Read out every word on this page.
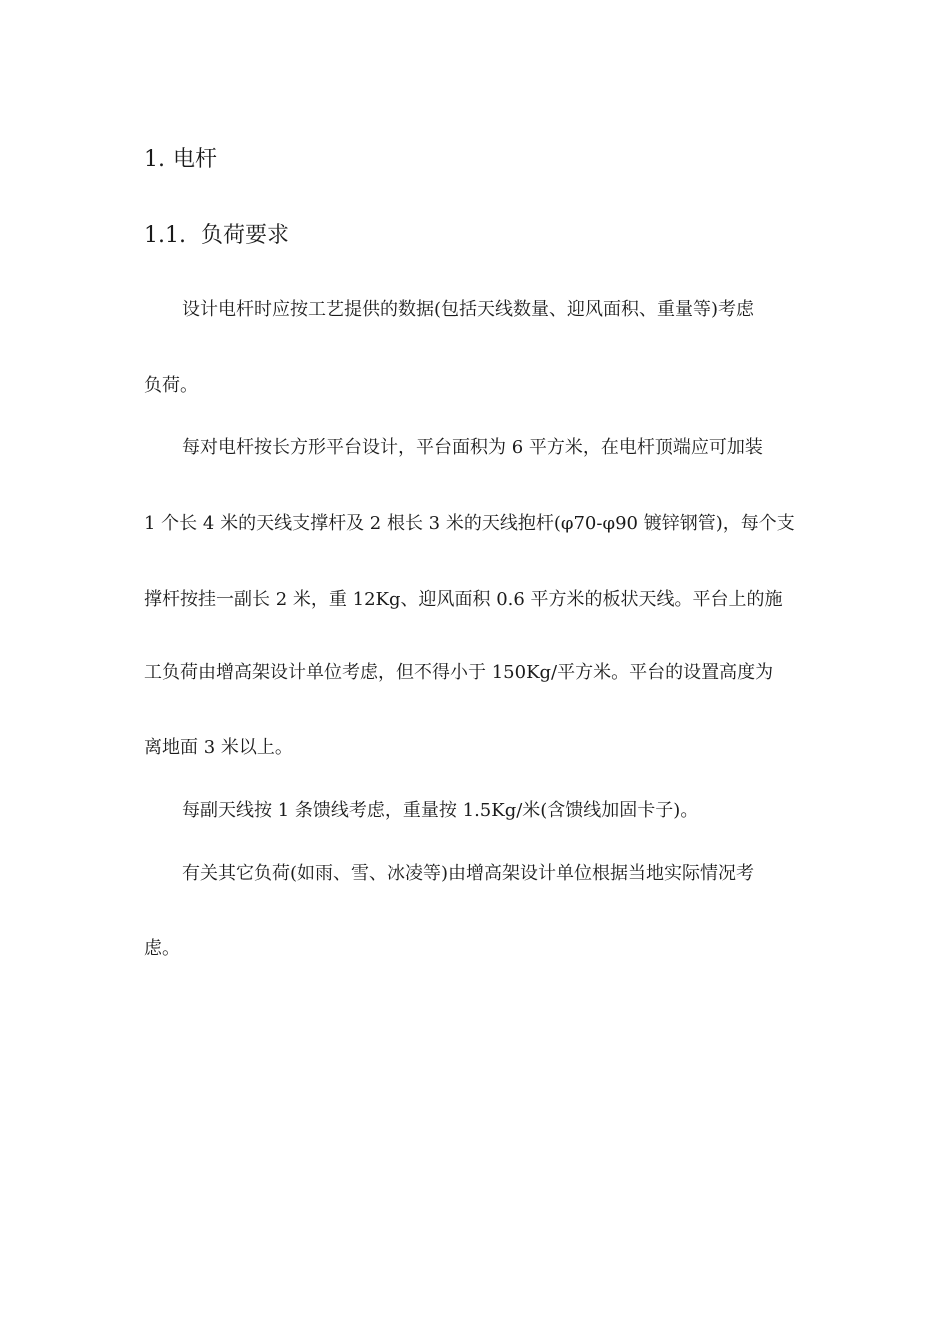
1. 电杆
1.1. 负荷要求
设计电杆时应按工艺提供的数据(包括天线数量、迎风面积、重量等)考虑
负荷。
每对电杆按长方形平台设计，平台面积为 6 平方米，在电杆顶端应可加装
1 个长 4 米的天线支撑杆及 2 根长 3 米的天线抱杆(φ70-φ90 镀锌钢管)，每个支
撑杆按挂一副长 2 米，重 12Kg、迎风面积 0.6 平方米的板状天线。平台上的施
工负荷由增高架设计单位考虑，但不得小于 150Kg/平方米。平台的设置高度为
离地面 3 米以上。
每副天线按 1 条馈线考虑，重量按 1.5Kg/米(含馈线加固卡子)。
有关其它负荷(如雨、雪、冰凌等)由增高架设计单位根据当地实际情况考
虑。
